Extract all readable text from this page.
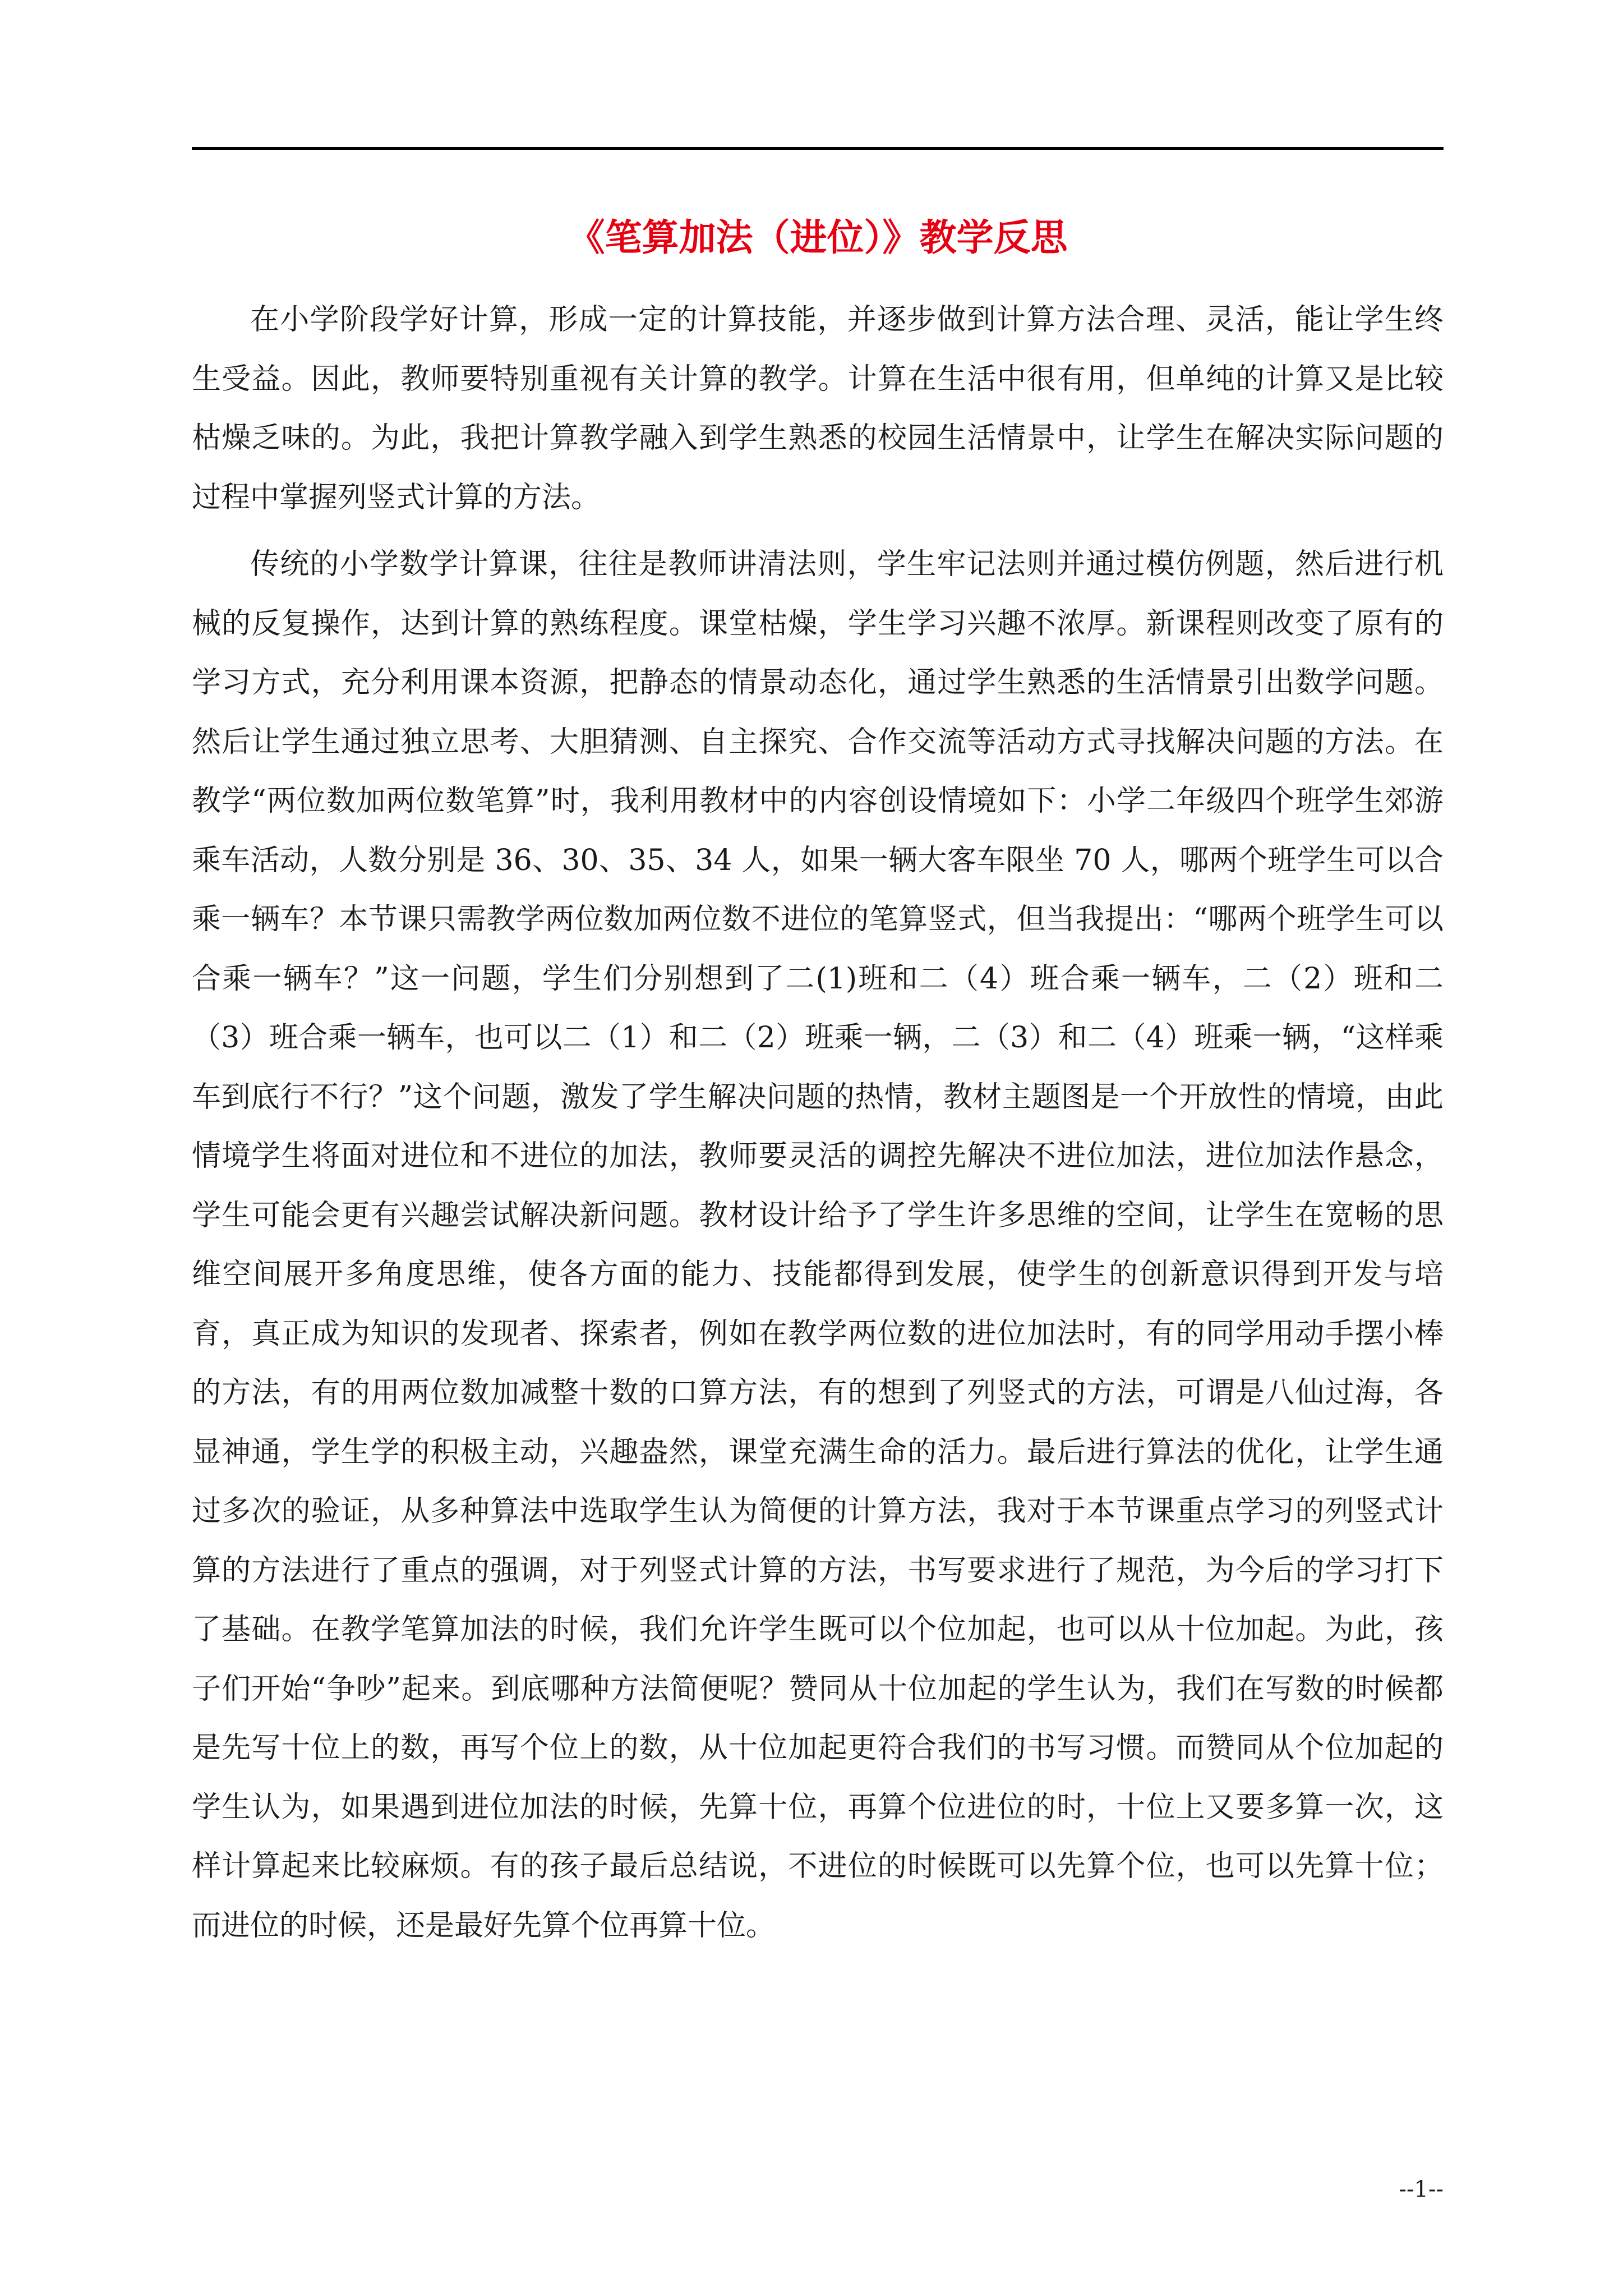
《笔算加法（进位）》教学反思

在小学阶段学好计算，形成一定的计算技能，并逐步做到计算方法合理、灵活，能让学生终生受益。因此，教师要特别重视有关计算的教学。计算在生活中很有用，但单纯的计算又是比较枯燥乏味的。为此，我把计算教学融入到学生熟悉的校园生活情景中，让学生在解决实际问题的过程中掌握列竖式计算的方法。

传统的小学数学计算课，往往是教师讲清法则，学生牢记法则并通过模仿例题，然后进行机械的反复操作，达到计算的熟练程度。课堂枯燥，学生学习兴趣不浓厚。新课程则改变了原有的学习方式，充分利用课本资源，把静态的情景动态化，通过学生熟悉的生活情景引出数学问题。然后让学生通过独立思考、大胆猜测、自主探究、合作交流等活动方式寻找解决问题的方法。在教学“两位数加两位数笔算”时，我利用教材中的内容创设情境如下：小学二年级四个班学生郊游乘车活动，人数分别是 36、30、35、34 人，如果一辆大客车限坐 70 人，哪两个班学生可以合乘一辆车？本节课只需教学两位数加两位数不进位的笔算竖式，但当我提出：“哪两个班学生可以合乘一辆车？”这一问题，学生们分别想到了二(1)班和二（4）班合乘一辆车，二（2）班和二（3）班合乘一辆车，也可以二（1）和二（2）班乘一辆，二（3）和二（4）班乘一辆，“这样乘车到底行不行？”这个问题，激发了学生解决问题的热情，教材主题图是一个开放性的情境，由此情境学生将面对进位和不进位的加法，教师要灵活的调控先解决不进位加法，进位加法作悬念，学生可能会更有兴趣尝试解决新问题。教材设计给予了学生许多思维的空间，让学生在宽畅的思维空间展开多角度思维，使各方面的能力、技能都得到发展，使学生的创新意识得到开发与培育，真正成为知识的发现者、探索者，例如在教学两位数的进位加法时，有的同学用动手摆小棒的方法，有的用两位数加减整十数的口算方法，有的想到了列竖式的方法，可谓是八仙过海，各显神通，学生学的积极主动，兴趣盎然，课堂充满生命的活力。最后进行算法的优化，让学生通过多次的验证，从多种算法中选取学生认为简便的计算方法，我对于本节课重点学习的列竖式计算的方法进行了重点的强调，对于列竖式计算的方法，书写要求进行了规范，为今后的学习打下了基础。在教学笔算加法的时候，我们允许学生既可以个位加起，也可以从十位加起。为此，孩子们开始“争吵”起来。到底哪种方法简便呢？赞同从十位加起的学生认为，我们在写数的时候都是先写十位上的数，再写个位上的数，从十位加起更符合我们的书写习惯。而赞同从个位加起的学生认为，如果遇到进位加法的时候，先算十位，再算个位进位的时，十位上又要多算一次，这样计算起来比较麻烦。有的孩子最后总结说，不进位的时候既可以先算个位，也可以先算十位；而进位的时候，还是最好先算个位再算十位。

--1--
